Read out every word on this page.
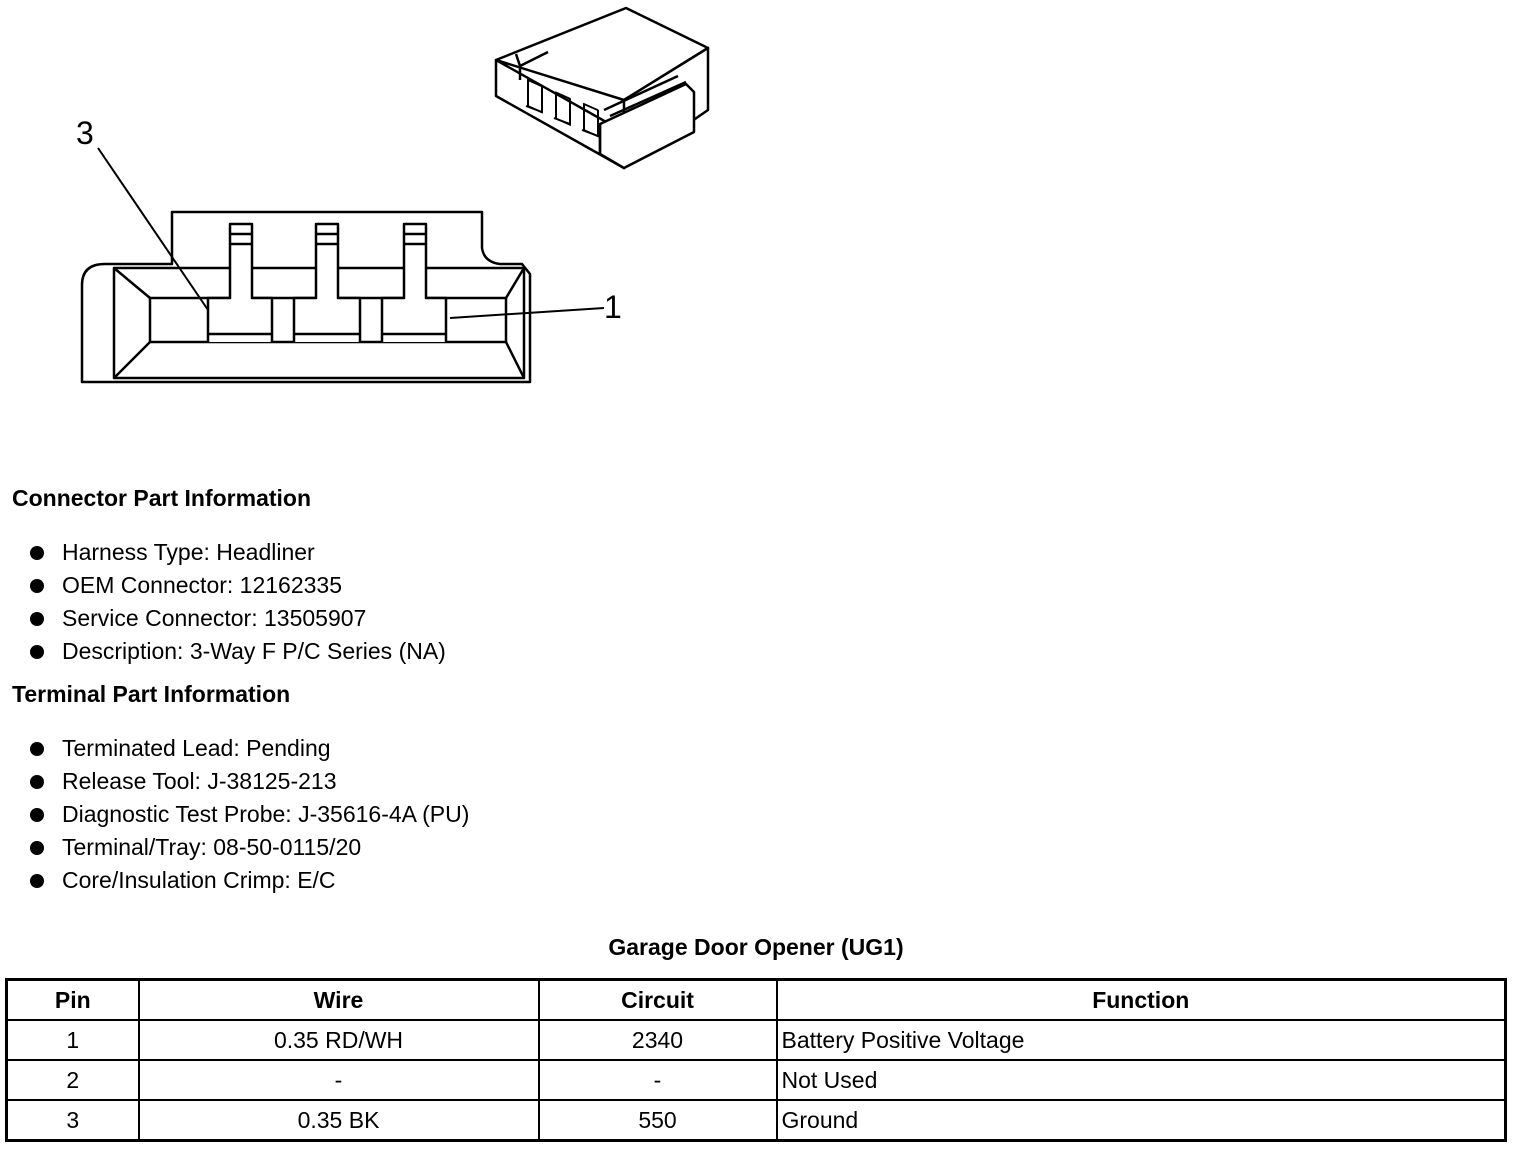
3
1
Connector Part Information
Harness Type: Headliner
OEM Connector: 12162335
Service Connector: 13505907
Description: 3-Way F P/C Series (NA)
Terminal Part Information
Terminated Lead: Pending
Release Tool: J-38125-213
Diagnostic Test Probe: J-35616-4A (PU)
Terminal/Tray: 08-50-0115/20
Core/Insulation Crimp: E/C
Garage Door Opener (UG1)
Pin	Wire	Circuit	Function
1	0.35 RD/WH	2340	Battery Positive Voltage
2	-	-	Not Used
3	0.35 BK	550	Ground
